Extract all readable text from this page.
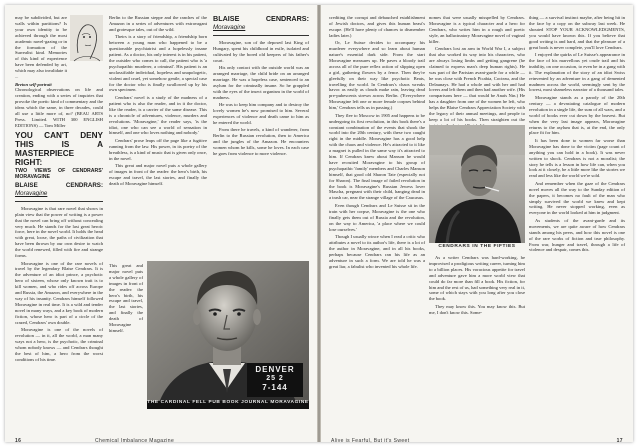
may be subdivided, but are walls within partitions? Is your own identity to be achieved through the most academic navel-gazing or in the formation of the Surrealist kind. Memories of this kind of experience have been defended by art, which may also invalidate it ...

Breton self-portrait

Chronological observations on life and creation, ending with a series of inquiries that provoke the poetic kind of commentary and the ideas which the same, in three decades, could all use a little more of, no? (BEAU ARTS Press. Limited. WITH 300 ENGLISH EDITIONS) — Tom Miller

YOU CAN'T DENY THIS IS A MASTERPIECE RIGHT:
TWO VIEWS OF CENDRARS' MORAVAGINE
BLAISE CENDRARS: Moravagine

Moravagine is that rare novel that shows in plain view that the power of writing is a power that the novel can bring off without concealing very much. He stands for the last great heroic force, here in the novel world. It holds the head with great, loose, the paths of civilization that have been thrown by our own desire to watch the world renewed, filled with fire and strange forms.

Moravagine is one of the rare novels of travel by the legendary Blaise Cendrars. It is the adventure of an idiot prince, a psychotic hero of sixteen, whose only known trait is to kill women, and who rides off across Europe and Russia, the Amazon, and everywhere in the way of his insanity. Cendrars himself followed Moravagine in real time. It is a wild and tender novel in many ways, and a key book of modern fiction, whose hero is part of a circle of the crazed, Cendrars' own double.

Moravagine is one of the novels of revolution — in it, all the world, a man many ways not a hero, is the psychotic, the criminal whom nobody knows — and Cendrars thought the best of him, a hero from the worst conditions of his time.

Berlin to the Russian steppe and the ranches of the Amazon in a series of adventures with extravagant and grotesque tales, out of the wild.

Theirs is a story of friendship, a friendship born between a young man who happened to be a questionable psychiatrist and a hopelessly insane patient. As a doctor, his only interest is in his patient, the outsider who comes to call, the patient who is 'a psychopathic murderer, a criminal'. His patient is an unclassifiable individual, hopeless and unapologetic, violent and cruel, yet somehow gentle, a special case for the doctor who is finally swallowed up by his own specimen.

Cendrars' novel is a study of the madness of a patient who is also the reader, and in it the doctor, like the reader, is a carrier of the same disease. This is a chronicle of adventures, violence, murders and revolutions. 'Moravagine,' the reader says, 'is the idiot, one who can see a world of sensation in himself, and one who loves nothing and nobody.'

Cendrars' prose leaps off the page like a fugitive running from the law. His power, in its poetry of the breathless, is a kind of music that is given only once, in the novel.

This great and major novel puts a whole gallery of images in front of the reader: the hero's birth, his escape and travel, the last stories, and finally the death of Moravagine himself.

This great and major novel puts a whole gallery of images in front of the reader: the hero's birth, his escape and travel, the last stories, and finally the death of Moravagine himself.

BLAISE CENDRARS: Moravagine

Moravagine, son of the deposed last King of Hungary, spent his childhood in exile, isolated and cultivated by the bored old keepers of his father's court.

His only contact with the outside world was an arranged marriage, the child bride on an arranged marriage. He was a hopeless case, sentenced to an asylum for the criminally insane. So he grappled with the eyes of the insect organism in the world of madness.

He was to keep him company and to destroy the lovely women he's now promised to him. Several experiences of violence and death came to him as he entered the world.

From there he travels, a kind of wanderer, from Berlin to the Russian revolution, then to America and the jungles of the Amazon. He encounters women whom he kills, some he loves. In each case he goes from violence to more violence.

DENVER
25 2
7-144
THE CARDINAL FELL PUB BOOK JOURNAL MORAVAGINE
16	Chemical Imbalance Magazine

crediting the corrupt and debauched establishment of Jewish doctors, and gives this human beast's escape. (He'll have plenty of chances to dismember ladies later.)

Or, Le Suisse decides to accompany his murderer everywhere and so learn about human nature's essential dark side. From the start Moravagine measures up. He paves a bloody trail across all of the pure reflex action of slipping open a girl, gathering flowers by a fence. Then they're gleefully on their way like psychotic Beats, travelling the world. In Cendrars's chaos wreaks havoc as easily as clouds make rain, leaving dead pre-pubescents strewn across Berlin. ('Everywhere Moravagine left one or more female corpses behind him,' Cendrars tells us in passing.)

They flee to Moscow in 1905 and happens to be undergoing its first revolution, in this book there's a constant combination of the events that shook the world into the 20th century, with these two caught right in the middle. Moravagine has a good help with the chaos and violence. He's attracted to it like a magnet is pulled in the same way it's attracted to him. If Cendrars knew about Manson he would have recruited Moravagine to his group of psychopathic 'family' members and Charles Manson himself, that good old Sharon Tate (especially not for Sharon). The final image of failed revolution in the book is Moravagine's Russian Jewess lover Mascha, pregnant with their child, hanging dead in a trash car, near the strange village of the Caucasus.

Even though Cendrars and Le Suisse sit in the train with her corpse, Moravagine is the one who finally gets them out of Russia and the revolution, on the way to America, 'a place where we could lose ourselves.'

Though I usually wince when I read a critic who attributes a novel to its author's life, there is a lot of the author in Moravagine, and in all his books, perhaps because Cendrars ran his life as an adventure in such a form. We are told he was a great liar, a fabulist who invented his whole life.

nomes that were usually misspelled by Cendrars. Moravagine is a typical character and a hero for Cendrars, who writes him in a rough and poetic style, an hallucinatory Moravagine novel of vaginal killer.

Cendrars lost an arm in World War I, a subject that also worked its way into his characters, who are always losing limbs and getting gangrene (he claimed to express man's deep human rights). He was part of the Parisian avant-garde for a while — he was close with French Picabia, Cocteau, and the Delaunays. He had a whole and with her and had lovers and left them and then had another wife. (His comparisons here — that would be Anaïs Nin.) He has a daughter from one of the women he left, who helps the Blaise Cendrars Appreciation Society with the legacy of their annual meetings, and people to keep a lot of his books. Then straighten out the

CENDRARS IN THE FIFTIES

As a writer Cendrars was hard-working, he improvised a prodigious writing career, turning him to a billion places. His voracious appetite for travel and adventure gave him a more world view that could do far more than fill a book. His fiction, for him and the rest of us, had something very real in it, some of which stays with you long after you close the book.

They may know this. You may know this. But me, I don't know this. Some-

thing — a survival instinct maybe, after being hit in the face by a copy on the subway last week. He shouted STOP YOUR ACKNOWLEDGMENTS, you would have known this. If you believe that good writing is and hard, and that the pleasure of a great book is never complete, you'll love Cendrars.

I enjoyed the quirks of Le Suisse's appearance in the face of his marvellous yet crude trail and his inability, on one occasion, to even be in a gang with it. The explanation of the story of an idiot Swiss reinvented by an adventure in a gang of demented madmen across the world, seemingly sent by the lowest, most shameless narrator of a thousand tales.

Moravagine stands as a parody of the 20th century — a devastating catalogue of modern revolution in a single life, the sum of all wars, and a world of books ever cut down by the bravest. But when the very last image appears, Moravagine returns to the asylum that is, at the end, the only place fit for him.

It has been done to women far worse than Moravagine has done to the victim (page count of anything you can hold in a book). It was never written to shock. Cendrars is not a moralist; the story he tells is a lesson in how life can, when you look at it closely, be a little more like the stories we read and less like the world we're sold.

And remember when the gaze of the Cendrars novel moves all the way to the Sunday edition of the papers, it becomes no fault of the man who simply survived the world we knew and kept writing. He never stopped working, even as everyone in the world looked at him in judgment.

As students of the avant-garde and its movements, we are quite aware of how Cendrars stands among his peers, and how this novel is one of the rare works of fiction and true philosophy. From war, hunger and travel, through a life of violence and despair, comes this.

Alive is Fearful, But it's Sweet	17
